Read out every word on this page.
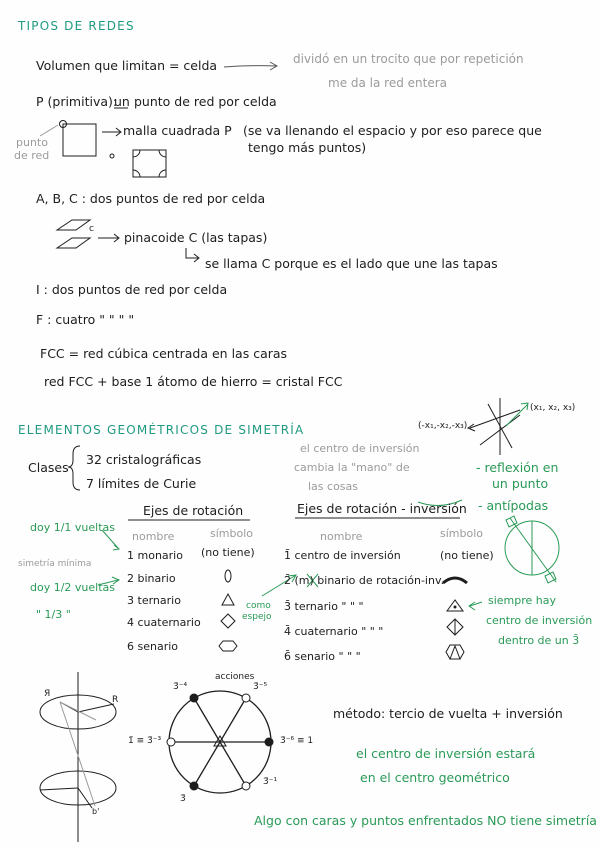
TIPOS DE REDES
Volumen que limitan = celda	dividó en un trocito que por repetición
me da la red entera
P (primitiva):
un punto de red por celda
punto
de red
malla cuadrada P (se va llenando el espacio y por eso parece que
tengo más puntos)
A, B, C : dos puntos de red por celda
c
pinacoide C (las tapas)
se llama C porque es el lado que une las tapas
I : dos puntos de red por celda
F : cuatro " " " "
FCC = red cúbica centrada en las caras
red FCC + base 1 átomo de hierro = cristal FCC
ELEMENTOS GEOMÉTRICOS DE SIMETRÍA
Clases
32 cristalográficas
7 límites de Curie
el centro de inversión
cambia la "mano" de
las cosas
(-x₁,-x₂,-x₃)
(x₁, x₂, x₃)
- reflexión en
un punto
- antípodas
Ejes de rotación	Ejes de rotación - inversión
nombre	símbolo	nombre	símbolo
doy 1/1 vueltas
simetría mínima
doy 1/2 vueltas
" 1/3 "
1 monario (no tiene)
2 binario
3 ternario
4 cuaternario
6 senario
1̄ centro de inversión	(no tiene)
2̄ (m) binario de rotación-inv.
3̄ ternario " " "
4̄ cuaternario " " "
6̄ senario " " "
como
espejo
siempre hay
centro de inversión
dentro de un 3̄
acciones
3̄⁻⁴	3̄⁻⁵
1̄ ≡ 3̄⁻³	3̄⁻⁶ ≡ 1
3̄
3̄⁻¹
R
Я
b'
método: tercio de vuelta + inversión
el centro de inversión estará
en el centro geométrico
Algo con caras y puntos enfrentados NO tiene simetría
